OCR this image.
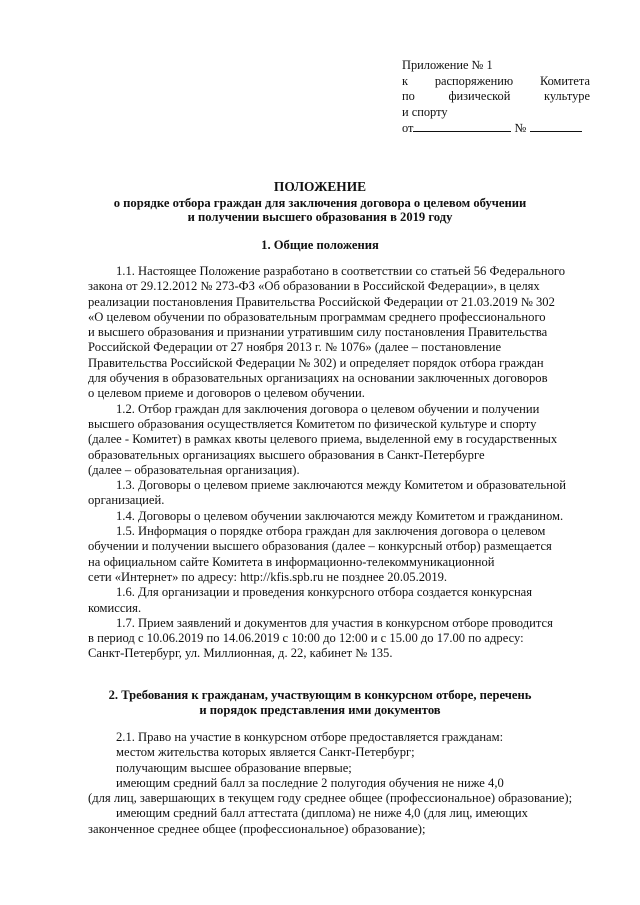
Приложение № 1
к распоряжению Комитета
по	физической	культуре
и спорту
от	№
ПОЛОЖЕНИЕ
о порядке отбора граждан для заключения договора о целевом обучении
и получении высшего образования в 2019 году
1. Общие положения
1.1. Настоящее Положение разработано в соответствии со статьей 56 Федерального
закона от 29.12.2012 № 273-ФЗ «Об образовании в Российской Федерации», в целях
реализации постановления Правительства Российской Федерации от 21.03.2019 № 302
«О целевом обучении по образовательным программам среднего профессионального
и высшего образования и признании утратившим силу постановления Правительства
Российской Федерации от 27 ноября 2013 г. № 1076» (далее – постановление
Правительства Российской Федерации № 302) и определяет порядок отбора граждан
для обучения в образовательных организациях на основании заключенных договоров
о целевом приеме и договоров о целевом обучении.
1.2. Отбор граждан для заключения договора о целевом обучении и получении
высшего образования осуществляется Комитетом по физической культуре и спорту
(далее - Комитет) в рамках квоты целевого приема, выделенной ему в государственных
образовательных организациях высшего образования в Санкт-Петербурге
(далее – образовательная организация).
1.3. Договоры о целевом приеме заключаются между Комитетом и образовательной
организацией.
1.4. Договоры о целевом обучении заключаются между Комитетом и гражданином.
1.5. Информация о порядке отбора граждан для заключения договора о целевом
обучении и получении высшего образования (далее – конкурсный отбор) размещается
на официальном сайте Комитета в информационно-телекоммуникационной
сети «Интернет» по адресу: http://kfis.spb.ru не позднее 20.05.2019.
1.6. Для организации и проведения конкурсного отбора создается конкурсная
комиссия.
1.7. Прием заявлений и документов для участия в конкурсном отборе проводится
в период с 10.06.2019 по 14.06.2019 с 10:00 до 12:00 и с 15.00 до 17.00 по адресу:
Санкт-Петербург, ул. Миллионная, д. 22, кабинет № 135.
2. Требования к гражданам, участвующим в конкурсном отборе, перечень
и порядок представления ими документов
2.1. Право на участие в конкурсном отборе предоставляется гражданам:
местом жительства которых является Санкт-Петербург;
получающим высшее образование впервые;
имеющим средний балл за последние 2 полугодия обучения не ниже 4,0
(для лиц, завершающих в текущем году среднее общее (профессиональное) образование);
имеющим средний балл аттестата (диплома) не ниже 4,0 (для лиц, имеющих
законченное среднее общее (профессиональное) образование);
